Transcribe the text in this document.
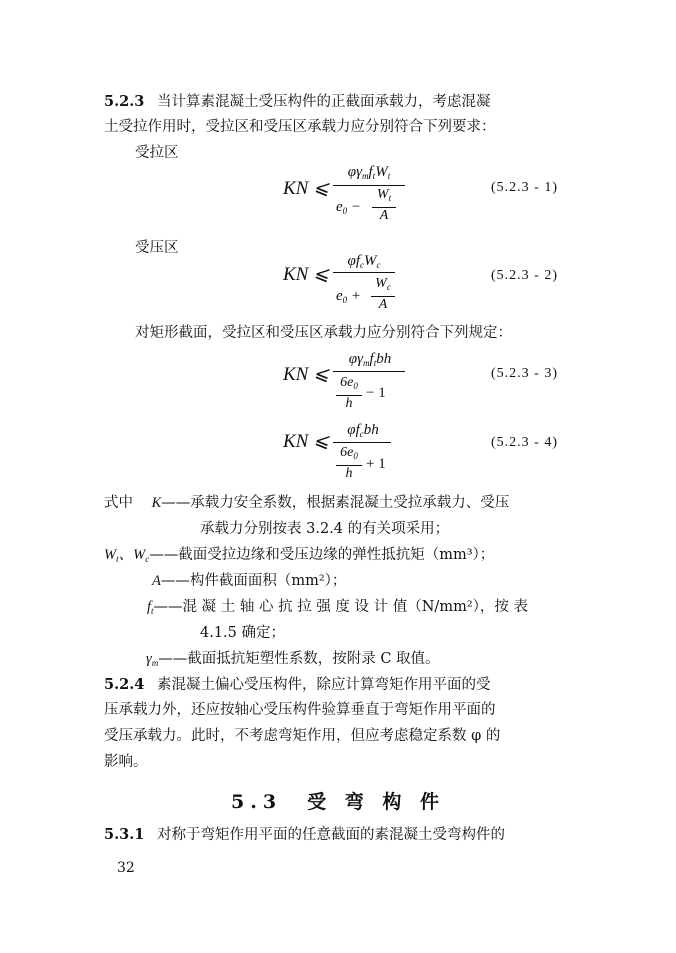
5.2.3 当计算素混凝土受压构件的正截面承载力，考虑混凝
土受拉作用时，受拉区和受压区承载力应分别符合下列要求：
受拉区
KN ⩽
$\varphi\gamma_mf_tW_t$
$e_0 - \frac{W_t}{A}$	(5.2.3 - 1)
受压区
KN ⩽
$\varphi f_cW_c$
$e_0 + \frac{W_c}{A}$
(5.2.3 - 2)
对矩形截面，受拉区和受压区承载力应分别符合下列规定：
KN ⩽
$\varphi\gamma_mf_tbh$
$\frac{6e_0}{h} - 1$
(5.2.3 - 3)
KN ⩽
$\varphi f_cbh$
$\frac{6e_0}{h} + 1$
(5.2.3 - 4)
式中 K——承载力安全系数，根据素混凝土受拉承载力、受压
承载力分别按表 3.2.4 的有关项采用；
$W_t$、$W_c——$截面受拉边缘和受压边缘的弹性抵抗矩（mm³）；
A——构件截面面积（mm²）；
$f_t——$混 凝 土 轴 心 抗 拉 强 度 设 计 值（N/mm²），按 表
4.1.5 确定；
$\gamma_m——$截面抵抗矩塑性系数，按附录 C 取值。
5.2.4 素混凝土偏心受压构件，除应计算弯矩作用平面的受
压承载力外，还应按轴心受压构件验算垂直于弯矩作用平面的
受压承载力。此时，不考虑弯矩作用，但应考虑稳定系数 φ 的
影响。
5.3　受 弯 构 件
5.3.1 对称于弯矩作用平面的任意截面的素混凝土受弯构件的
32
